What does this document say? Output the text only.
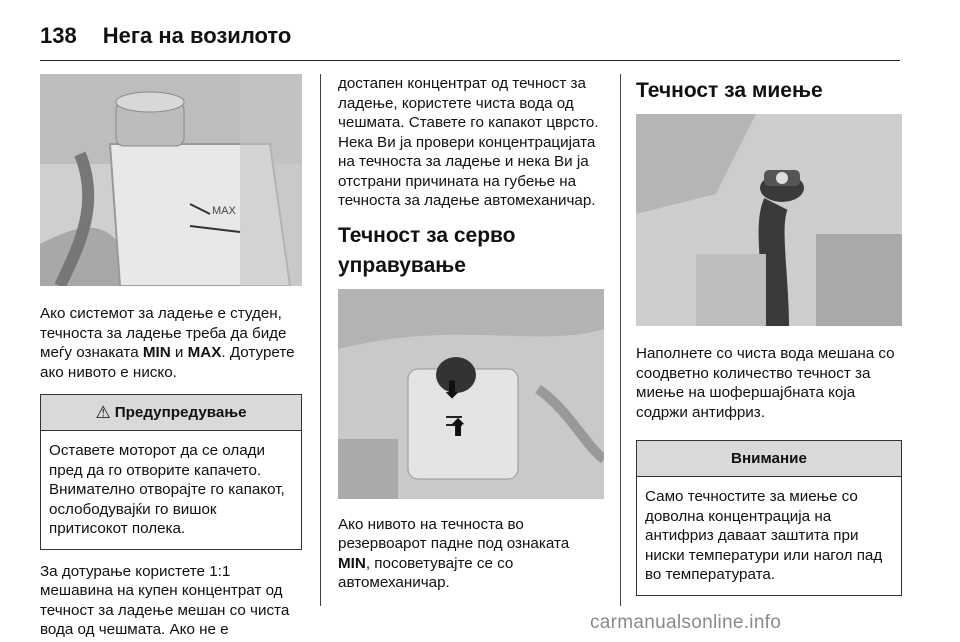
138 Нега на возилото
MAX
Ако системот за ладење е студен, течноста за ладење треба да биде меѓу ознаката MIN и MAX. Дотурете ако нивото е ниско.
⚠ Предупредување
Оставете моторот да се олади пред да го отворите капачето. Внимателно отворајте го капакот, ослободувајќи го вишок притисокот полека.
За дотурање користете 1:1 мешавина на купен концентрат од течност за ладење мешан со чиста вода од чешмата. Ако не е
достапен концентрат од течност за ладење, користете чиста вода од чешмата. Ставете го капакот цврсто. Нека Ви ја провери концентрацијата на течноста за ладење и нека Ви ја отстрани причината на губење на течноста за ладење автомеханичар.
Течност за серво управување
⬇
⬆
Ако нивото на течноста во резервоарот падне под ознаката MIN, посоветувајте се со автомеханичар.
Течност за миење
Наполнете со чиста вода мешана со соодветно количество течност за миење на шофершајбната која содржи антифриз.
Внимание
Само течностите за миење со доволна концентрација на антифриз даваат заштита при ниски температури или нагол пад во температурата.
carmanualsonline.info
